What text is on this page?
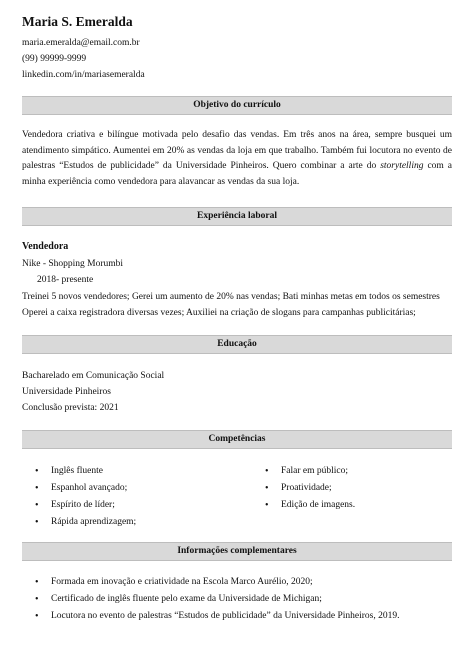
Maria S. Emeralda
maria.emeralda@email.com.br
(99) 99999-9999
linkedin.com/in/mariasemeralda
Objetivo do currículo

Vendedora criativa e bilíngue motivada pelo desafio das vendas. Em três anos na área, sempre busquei um atendimento simpático. Aumentei em 20% as vendas da loja em que trabalho. Também fui locutora no evento de palestras “Estudos de publicidade” da Universidade Pinheiros. Quero combinar a arte do storytelling com a minha experiência como vendedora para alavancar as vendas da sua loja.

Experiência laboral
Vendedora
Nike - Shopping Morumbi
2018- presente
Treinei 5 novos vendedores; Gerei um aumento de 20% nas vendas; Bati minhas metas em todos os semestres
Operei a caixa registradora diversas vezes; Auxiliei na criação de slogans para campanhas publicitárias;
Educação
Bacharelado em Comunicação Social
Universidade Pinheiros
Conclusão prevista: 2021
Competências
• Inglês fluente
• Espanhol avançado;
• Espírito de líder;
• Rápida aprendizagem;
• Falar em público;
• Proatividade;
• Edição de imagens.
Informações complementares
• Formada em inovação e criatividade na Escola Marco Aurélio, 2020;
• Certificado de inglês fluente pelo exame da Universidade de Michigan;
• Locutora no evento de palestras “Estudos de publicidade” da Universidade Pinheiros, 2019.
